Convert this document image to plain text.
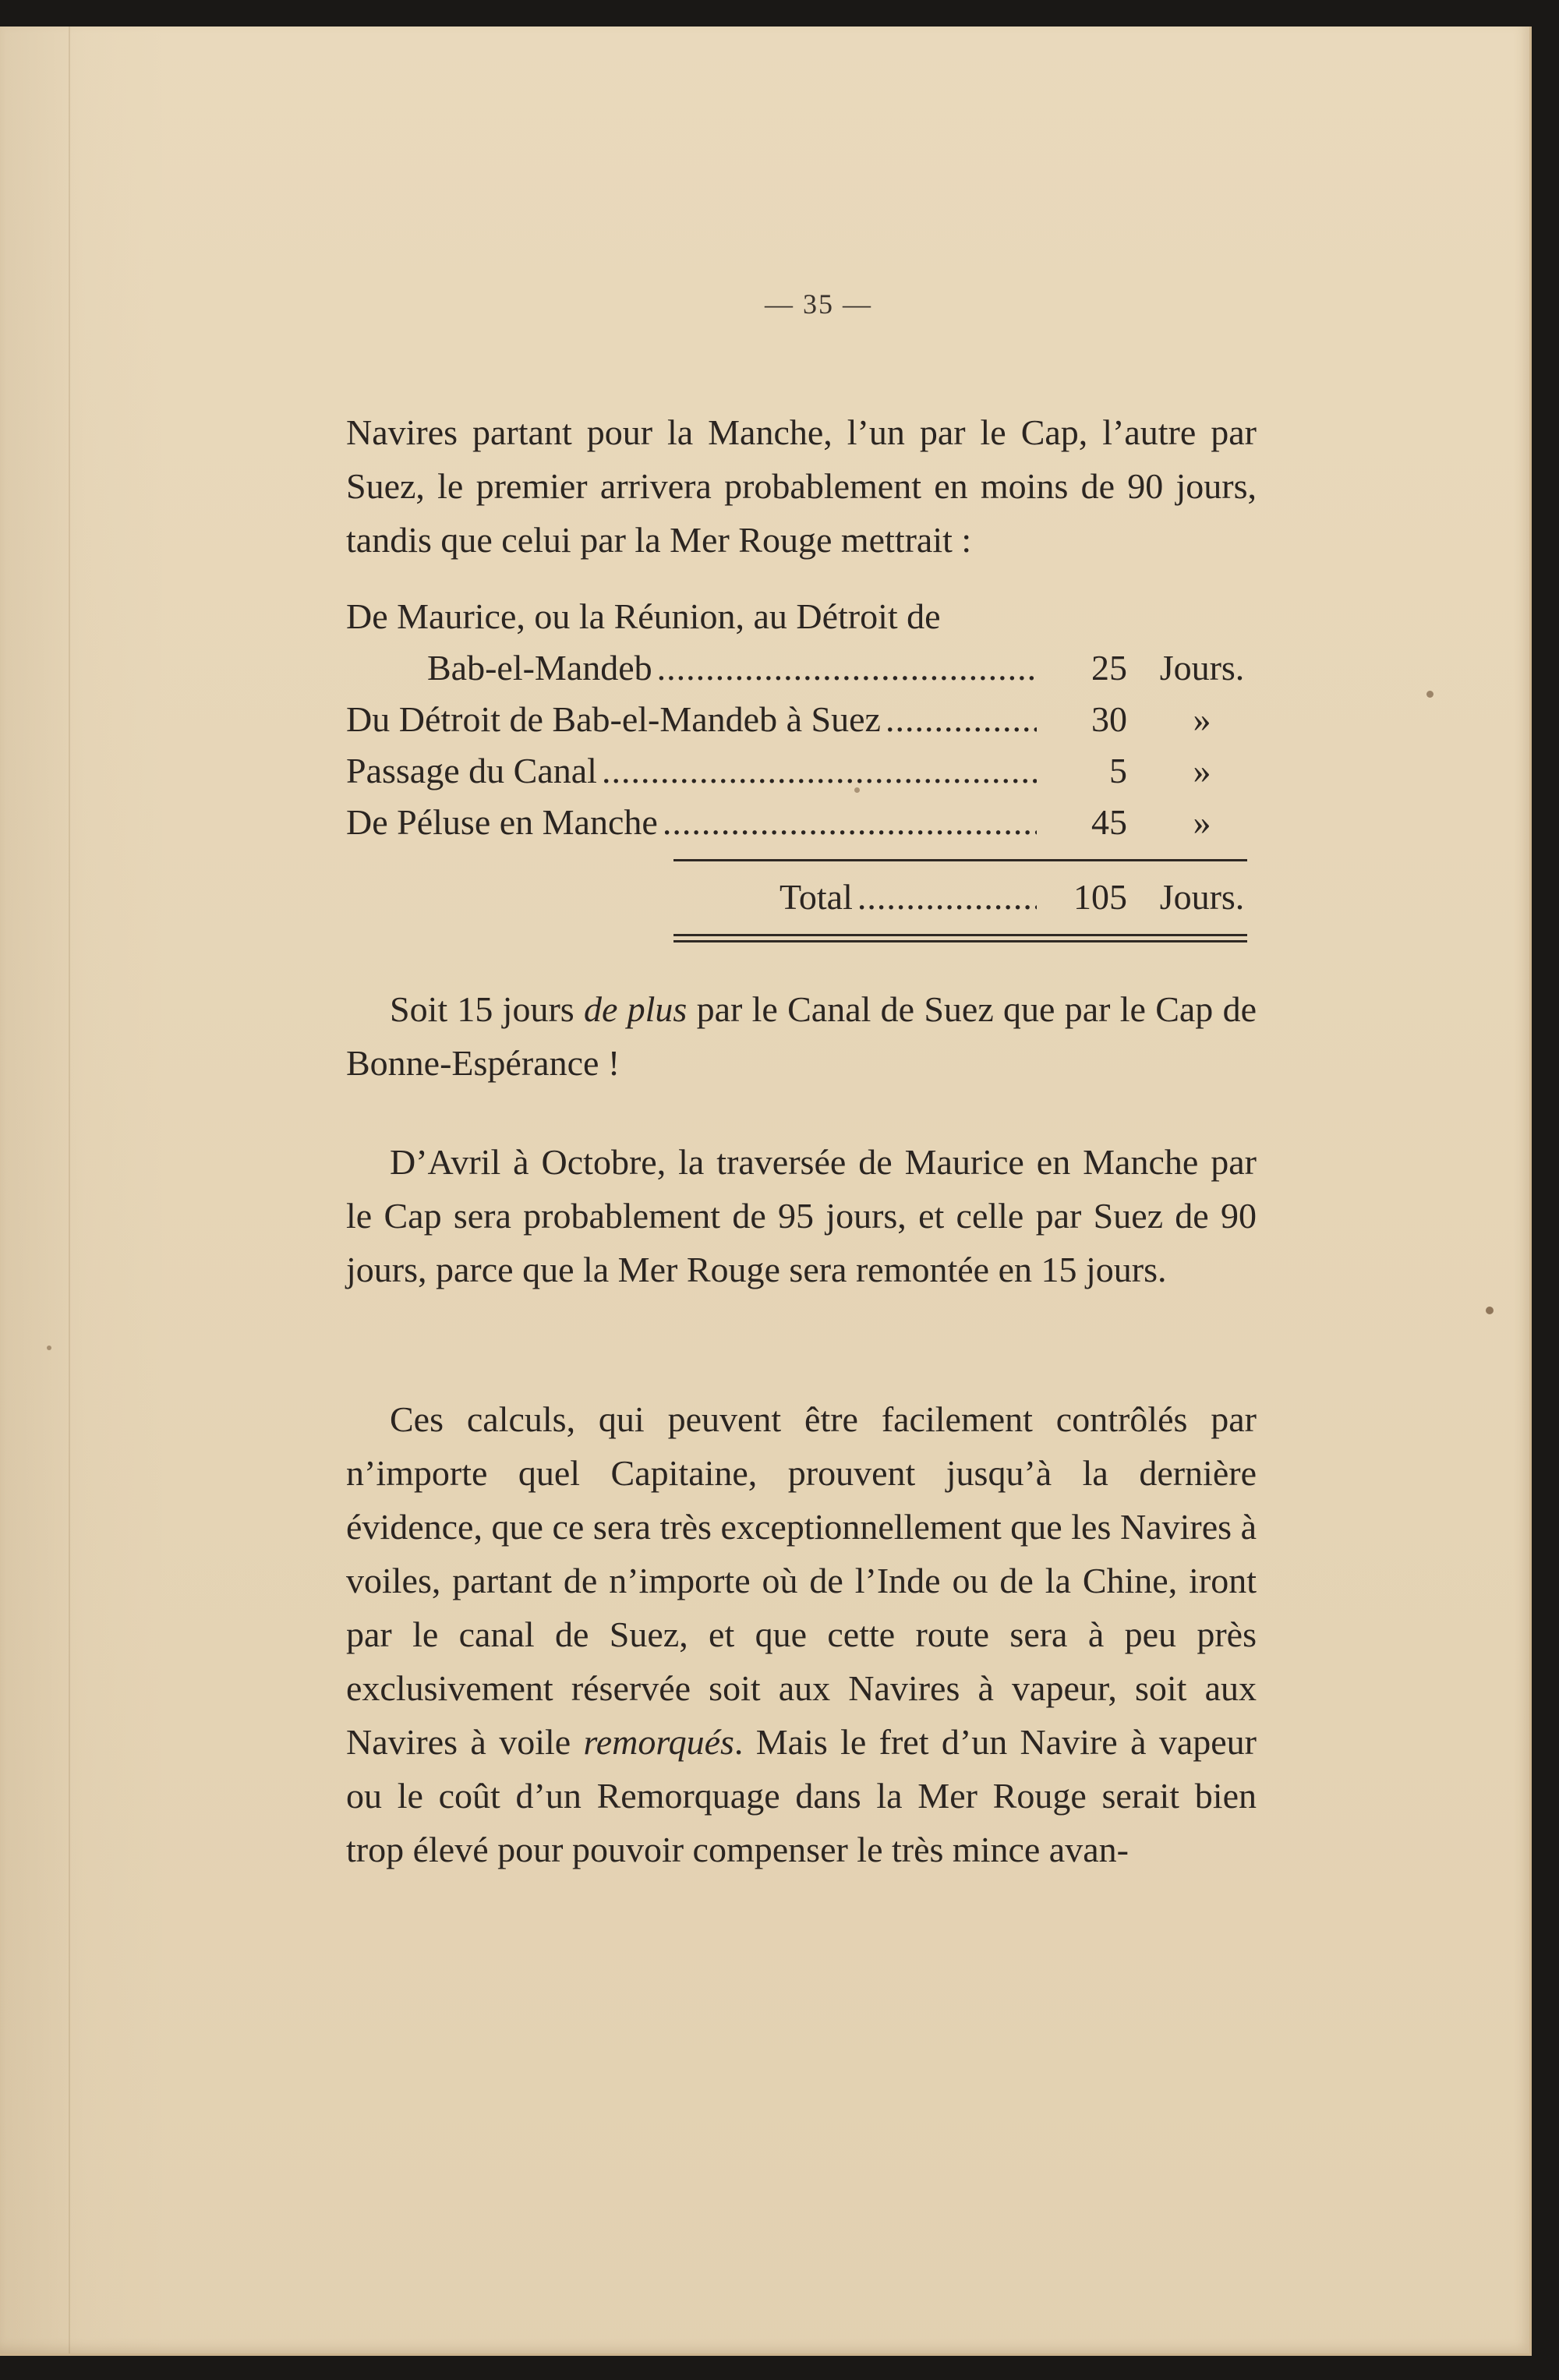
— 35 —

Navires partant pour la Manche, l’un par le Cap, l’autre par Suez, le premier arrivera probablement en moins de 90 jours, tandis que celui par la Mer Rouge mettrait :

De Maurice, ou la Réunion, au Détroit de
Bab-el-Mandeb .....	25 Jours.
Du Détroit de Bab-el-Mandeb à Suez .....	30	»
Passage du Canal .....	5	»
De Péluse en Manche .....	45	»
Total .....	105 Jours.

Soit 15 jours de plus par le Canal de Suez que par le Cap de Bonne-Espérance !

D’Avril à Octobre, la traversée de Maurice en Manche par le Cap sera probablement de 95 jours, et celle par Suez de 90 jours, parce que la Mer Rouge sera remontée en 15 jours.

Ces calculs, qui peuvent être facilement contrôlés par n’importe quel Capitaine, prouvent jusqu’à la dernière évidence, que ce sera très exceptionnellement que les Navires à voiles, partant de n’importe où de l’Inde ou de la Chine, iront par le canal de Suez, et que cette route sera à peu près exclusivement réservée soit aux Navires à vapeur, soit aux Navires à voile remorqués. Mais le fret d’un Navire à vapeur ou le coût d’un Remorquage dans la Mer Rouge serait bien trop élevé pour pouvoir compenser le très mince avan-
